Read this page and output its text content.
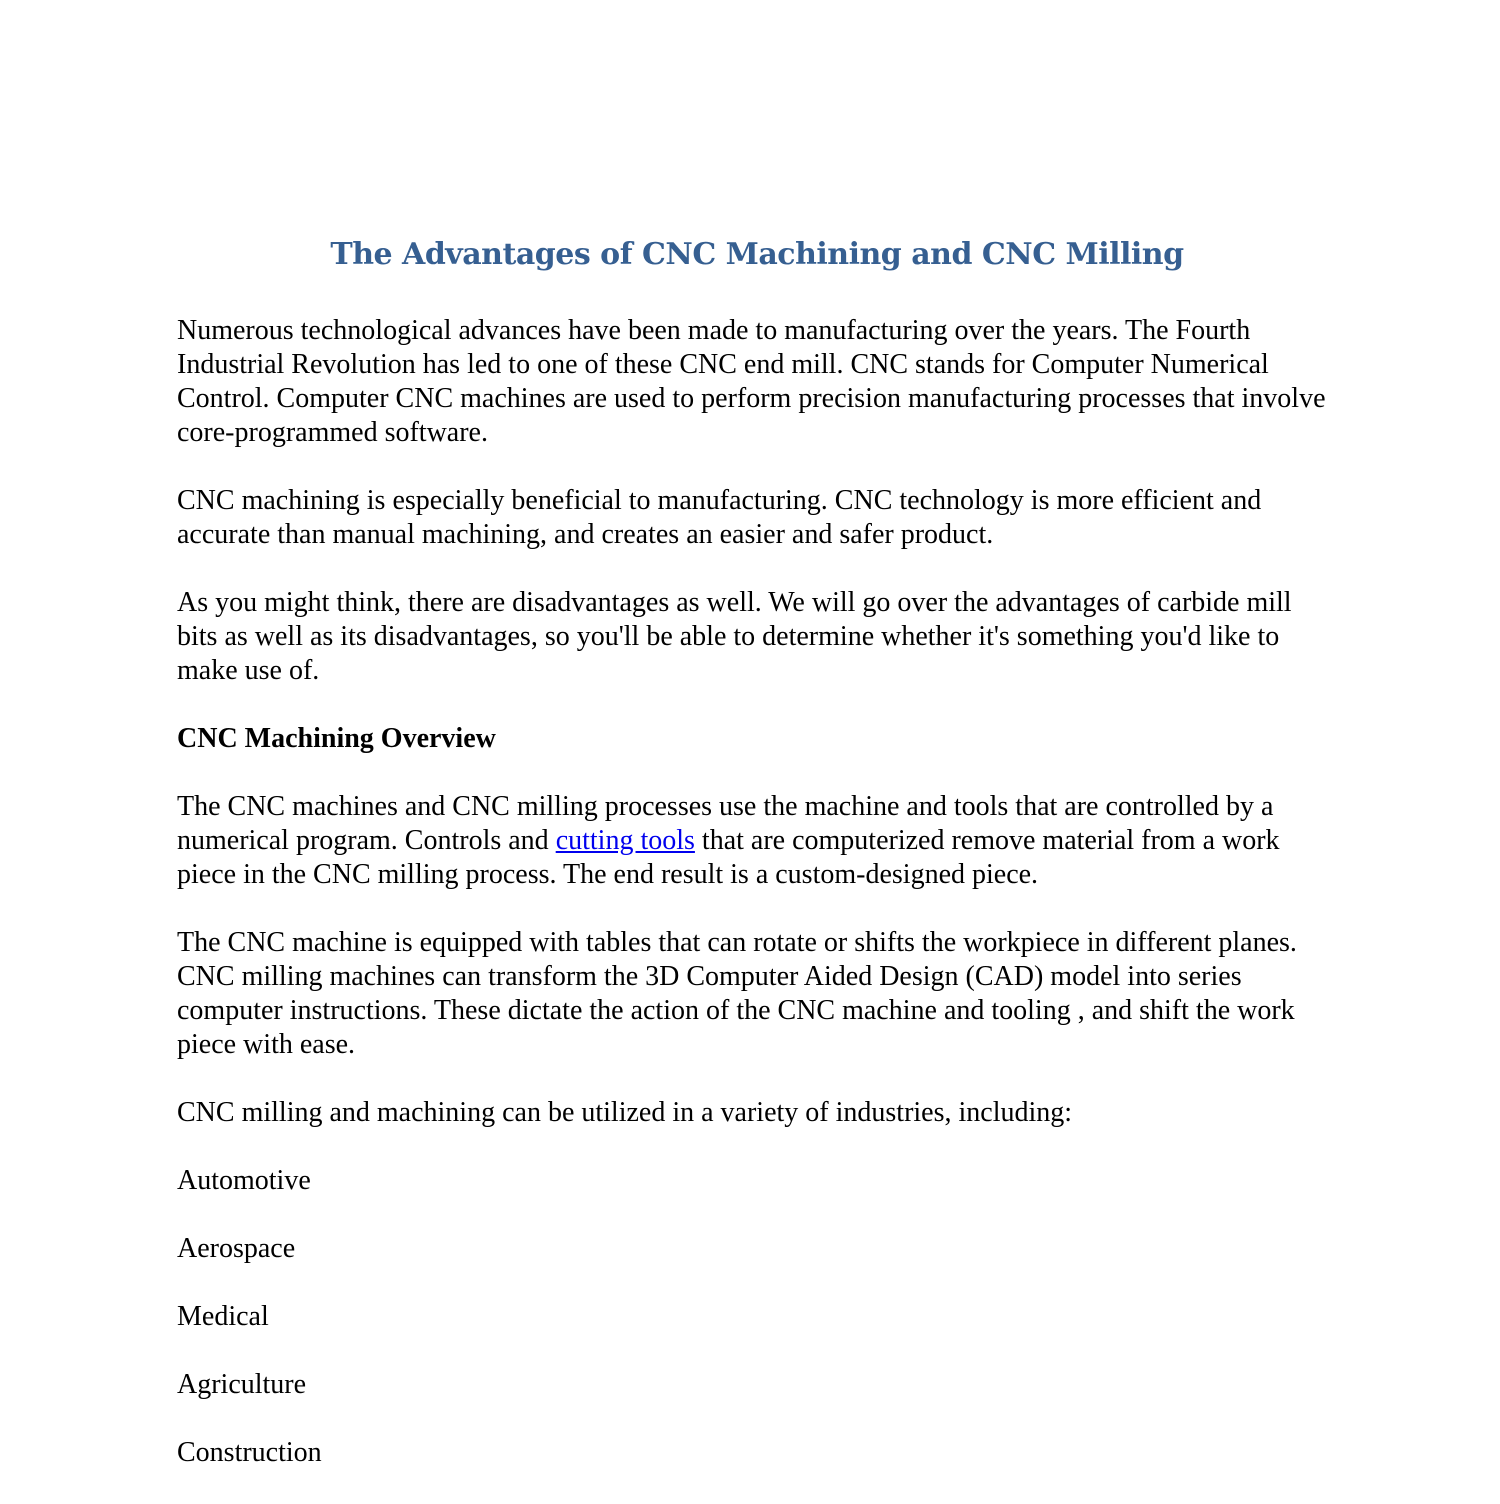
The Advantages of CNC Machining and CNC Milling

Numerous technological advances have been made to manufacturing over the years. The Fourth Industrial Revolution has led to one of these CNC end mill. CNC stands for Computer Numerical Control. Computer CNC machines are used to perform precision manufacturing processes that involve core-programmed software.

CNC machining is especially beneficial to manufacturing. CNC technology is more efficient and accurate than manual machining, and creates an easier and safer product.

As you might think, there are disadvantages as well. We will go over the advantages of carbide mill bits as well as its disadvantages, so you'll be able to determine whether it's something you'd like to make use of.

CNC Machining Overview

The CNC machines and CNC milling processes use the machine and tools that are controlled by a numerical program. Controls and cutting tools that are computerized remove material from a work piece in the CNC milling process. The end result is a custom-designed piece.

The CNC machine is equipped with tables that can rotate or shifts the workpiece in different planes. CNC milling machines can transform the 3D Computer Aided Design (CAD) model into series computer instructions. These dictate the action of the CNC machine and tooling , and shift the work piece with ease.

CNC milling and machining can be utilized in a variety of industries, including:

Automotive
Aerospace
Medical
Agriculture
Construction
